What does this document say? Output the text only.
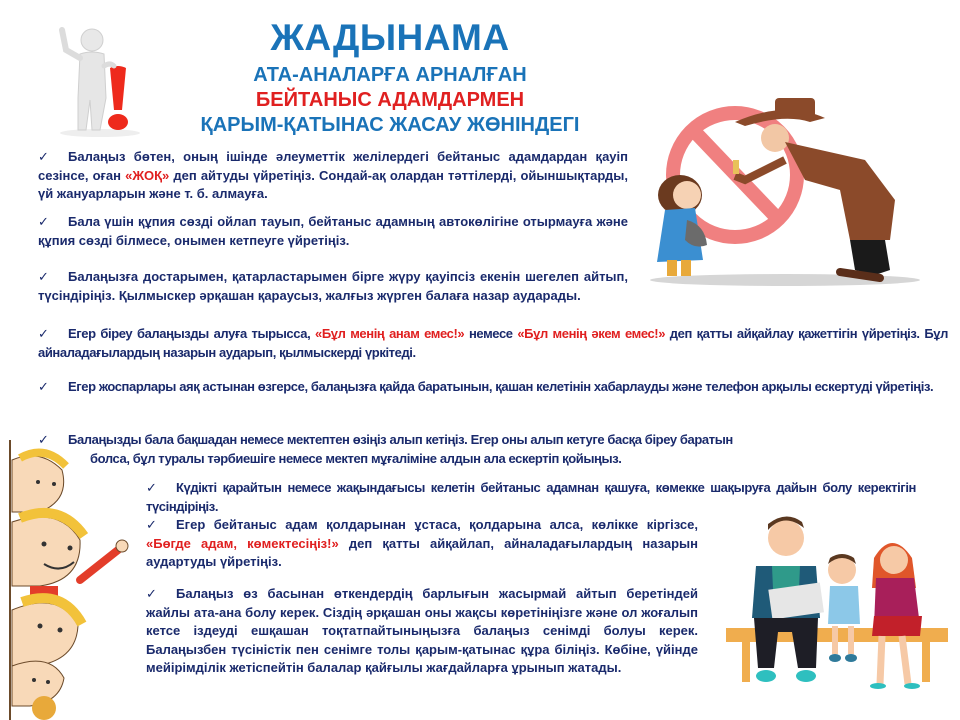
ЖАДЫНАМА
АТА-АНАЛАРҒА АРНАЛҒАН
БЕЙТАНЫС АДАМДАРМЕН
ҚАРЫМ-ҚАТЫНАС ЖАСАУ ЖӨНІНДЕГІ
✓ Балаңыз бөтен, оның ішінде әлеуметтік желілердегі бейтаныс адамдардан қауіп сезінсе, оған «ЖОҚ» деп айтуды үйретіңіз. Сондай-ақ олардан тәттілерді, ойыншықтарды, үй жануарларын және т. б. алмауға.
✓ Бала үшін құпия сөзді ойлап тауып, бейтаныс адамның автокөлігіне отырмауға және құпия сөзді білмесе, онымен кетпеуге үйретіңіз.
✓ Балаңызға достарымен, қатарластарымен бірге жүру қауіпсіз екенін шегелеп айтып, түсіндіріңіз. Қылмыскер әрқашан қараусыз, жалғыз жүрген балаға назар аударады.
✓ Егер біреу балаңызды алуға тырысса, «Бұл менің анам емес!» немесе «Бұл менің әкем емес!» деп қатты айқайлау қажеттігін үйретіңіз. Бұл айналадағылардың назарын аударып, қылмыскерді үркітеді.
✓ Егер жоспарлары аяқ астынан өзгерсе, балаңызға қайда баратынын, қашан келетінін хабарлауды және телефон арқылы ескертуді үйретіңіз.
✓ Балаңызды бала бақшадан немесе мектептен өзіңіз алып кетіңіз. Егер оны алып кетуге басқа біреу баратын
болса, бұл туралы тәрбиешіге немесе мектеп мұғаліміне алдын ала ескертіп қойыңыз.
✓ Күдікті қарайтын немесе жақындағысы келетін бейтаныс адамнан қашуға, көмекке шақыруға дайын болу керектігін түсіндіріңіз.
✓ Егер бейтаныс адам қолдарынан ұстаса, қолдарына алса, көлікке кіргізсе, «Бөгде адам, көмектесіңіз!» деп қатты айқайлап, айналадағылардың назарын аудартуды үйретіңіз.
✓ Балаңыз өз басынан өткендердің барлығын жасырмай айтып беретіндей жайлы ата-ана болу керек. Сіздің әрқашан оны жақсы көретініңізге және ол жоғалып кетсе іздеуді ешқашан тоқтатпайтыныңызға балаңыз сенімді болуы керек. Балаңызбен түсіністік пен сенімге толы қарым-қатынас құра біліңіз. Көбіне, үйінде мейірімділік жетіспейтін балалар қайғылы жағдайларға ұрынып жатады.
